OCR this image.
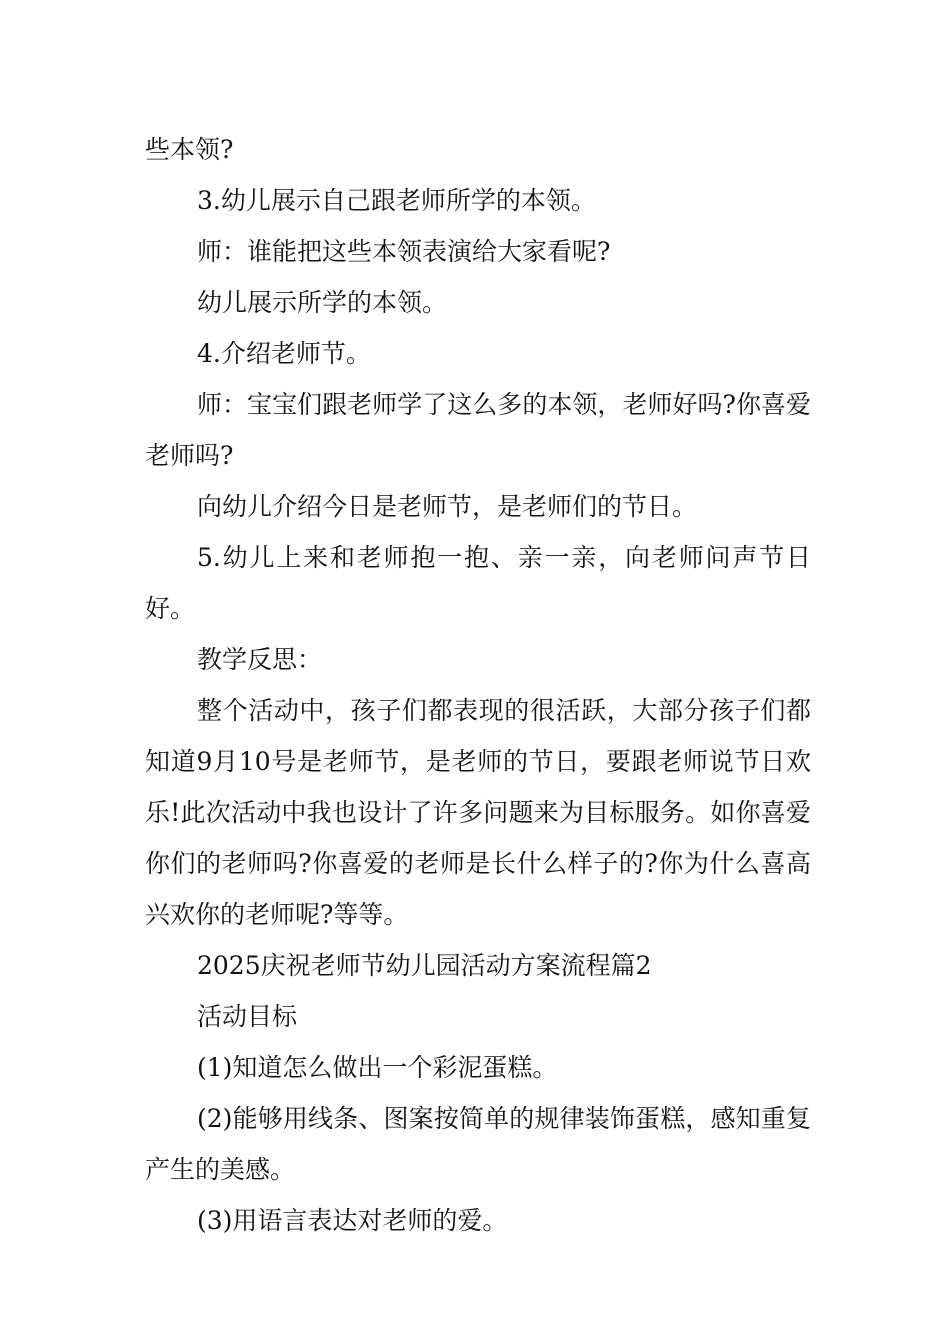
些本领?

3.幼儿展示自己跟老师所学的本领。

师：谁能把这些本领表演给大家看呢?

幼儿展示所学的本领。

4.介绍老师节。

师：宝宝们跟老师学了这么多的本领，老师好吗?你喜爱老师吗?

向幼儿介绍今日是老师节，是老师们的节日。

5.幼儿上来和老师抱一抱、亲一亲，向老师问声节日好。

教学反思：

整个活动中，孩子们都表现的很活跃，大部分孩子们都知道9月10号是老师节，是老师的节日，要跟老师说节日欢乐!此次活动中我也设计了许多问题来为目标服务。如你喜爱你们的老师吗?你喜爱的老师是长什么样子的?你为什么喜高兴欢你的老师呢?等等。

2025庆祝老师节幼儿园活动方案流程篇2

活动目标

(1)知道怎么做出一个彩泥蛋糕。

(2)能够用线条、图案按简单的规律装饰蛋糕，感知重复产生的美感。

(3)用语言表达对老师的爱。
